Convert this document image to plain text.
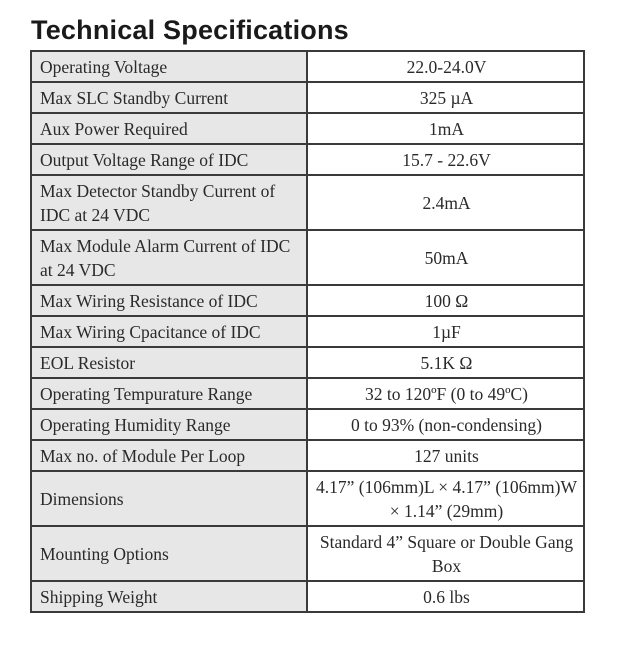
Technical Specifications
Operating Voltage	22.0-24.0V
Max SLC Standby Current	325 µA
Aux Power Required	1mA
Output Voltage Range of IDC	15.7 - 22.6V
Max Detector Standby Current of IDC at 24 VDC	2.4mA
Max Module Alarm Current of IDC at 24 VDC	50mA
Max Wiring Resistance of IDC	100 Ω
Max Wiring Cpacitance of IDC	1µF
EOL Resistor	5.1K Ω
Operating Tempurature Range	32 to 120ºF (0 to 49ºC)
Operating Humidity Range	0 to 93% (non-condensing)
Max no. of Module Per Loop	127 units
Dimensions	4.17” (106mm)L × 4.17” (106mm)W × 1.14” (29mm)
Mounting Options	Standard 4” Square or Double Gang Box
Shipping Weight	0.6 lbs
